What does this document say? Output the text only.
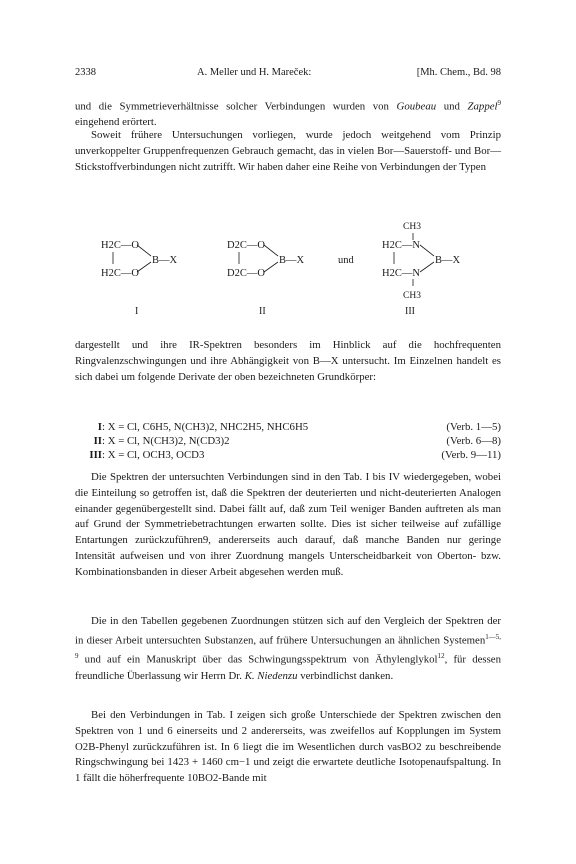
2338	A. Meller und H. Mareček:	[Mh. Chem., Bd. 98

und die Symmetrieverhältnisse solcher Verbindungen wurden von Goubeau und Zappel$^9$ eingehend erörtert.

Soweit frühere Untersuchungen vorliegen, wurde jedoch weitgehend vom Prinzip unverkoppelter Gruppenfrequenzen Gebrauch gemacht, das in vielen Bor—Sauerstoff- und Bor—Stickstoffverbindungen nicht zutrifft. Wir haben daher eine Reihe von Verbindungen der Typen

H2C—O
H2C—O
B—X
I
D2C—O
D2C—O
B—X
II
und
CH3
H2C—N
H2C—N
B—X
CH3
III

dargestellt und ihre IR-Spektren besonders im Hinblick auf die hochfrequenten Ringvalenzschwingungen und ihre Abhängigkeit von B—X untersucht. Im Einzelnen handelt es sich dabei um folgende Derivate der oben bezeichneten Grundkörper:

I: X = Cl, C6H5, N(CH3)2, NHC2H5, NHC6H5	(Verb. 1—5)
II: X = Cl, N(CH3)2, N(CD3)2	(Verb. 6—8)
III: X = Cl, OCH3, OCD3	(Verb. 9—11)

Die Spektren der untersuchten Verbindungen sind in den Tab. I bis IV wiedergegeben, wobei die Einteilung so getroffen ist, daß die Spektren der deuterierten und nicht-deuterierten Analogen einander gegenübergestellt sind. Dabei fällt auf, daß zum Teil weniger Banden auftreten als man auf Grund der Symmetriebetrachtungen erwarten sollte. Dies ist sicher teilweise auf zufällige Entartungen zurückzuführen9, andererseits auch darauf, daß manche Banden nur geringe Intensität aufweisen und von ihrer Zuordnung mangels Unterscheidbarkeit von Oberton- bzw. Kombinationsbanden in dieser Arbeit abgesehen werden muß.

Die in den Tabellen gegebenen Zuordnungen stützen sich auf den Vergleich der Spektren der in dieser Arbeit untersuchten Substanzen, auf frühere Untersuchungen an ähnlichen Systemen$^{1—5, 9}$ und auf ein Manuskript über das Schwingungsspektrum von Äthylenglykol$^{12}$, für dessen freundliche Überlassung wir Herrn Dr. K. Niedenzu verbindlichst danken.

Bei den Verbindungen in Tab. I zeigen sich große Unterschiede der Spektren zwischen den Spektren von 1 und 6 einerseits und 2 andererseits, was zweifellos auf Kopplungen im System O2B-Phenyl zurückzuführen ist. In 6 liegt die im Wesentlichen durch νasBO2 zu beschreibende Ringschwingung bei 1423 + 1460 cm−1 und zeigt die erwartete deutliche Isotopenaufspaltung. In 1 fällt die höherfrequente 10BO2-Bande mit
